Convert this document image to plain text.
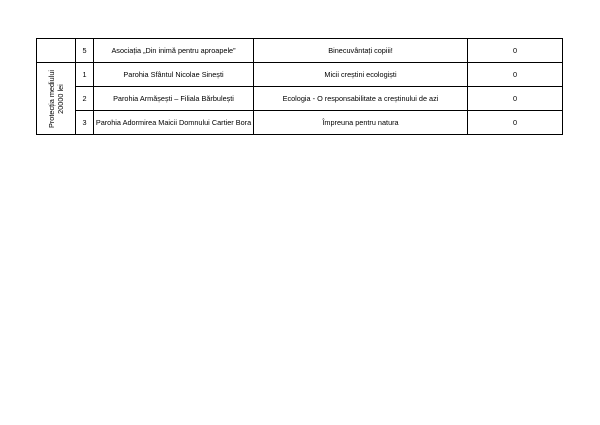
	5	Asociația „Din inimă pentru aproapele”	Binecuvântați copiii!	0

Protecția mediului 20000 lei	1	Parohia Sfântul Nicolae Sinești	Micii creștini ecologiști	0
	2	Parohia Armășești – Filiala Bărbulești	Ecologia - O responsabilitate a creștinului de azi	0
	3	Parohia Adormirea Maicii Domnului Cartier Bora	Împreuna pentru natura	0
